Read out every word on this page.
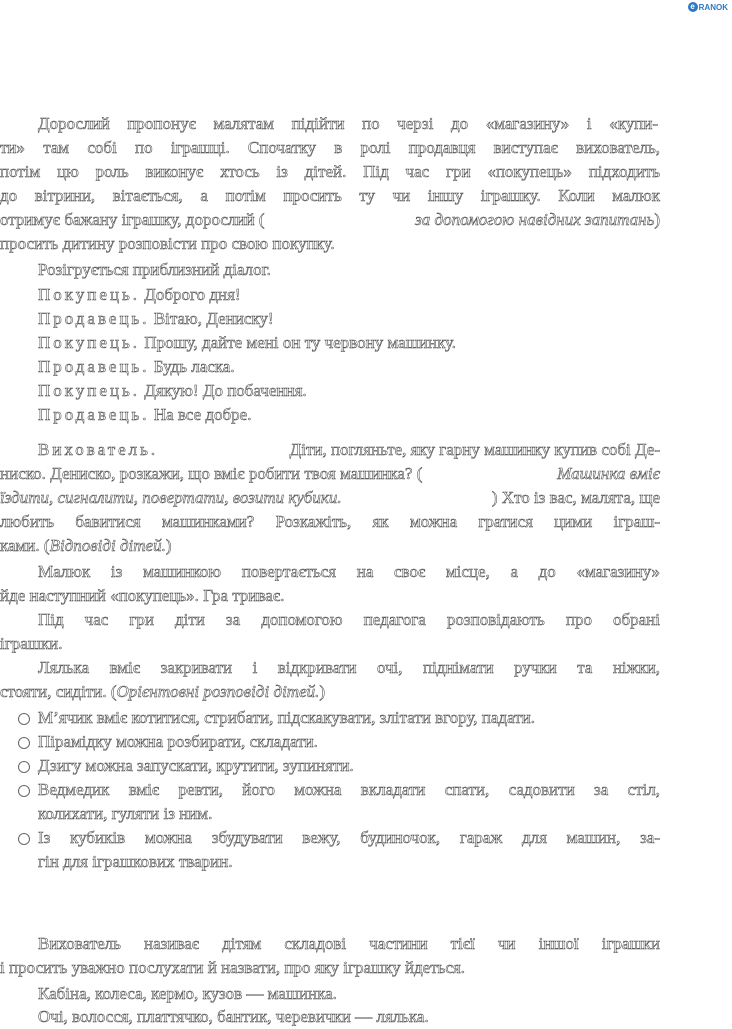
e RANOK
Дорослий пропонує малятам підійти по черзі до «магазину» і «купи-
ти» там собі по іграшці. Спочатку в ролі продавця виступає вихователь,
потім цю роль виконує хтось із дітей. Під час гри «покупець» підходить
до вітрини, вітається, а потім просить ту чи іншу іграшку. Коли малюк
отримує бажану іграшку, дорослий (	за допомогою навідних запитань)
просить дитину розповісти про свою покупку.
Розігрується приблизний діалог.
Покупець. Доброго дня!
Продавець. Вітаю, Дениску!
Покупець. Прошу, дайте мені он ту червону машинку.
Продавець. Будь ласка.
Покупець. Дякую! До побачення.
Продавець. На все добре.
Вихователь.	Діти, погляньте, яку гарну машинку купив собі Де-
ниско. Дениско, розкажи, що вміє робити твоя машинка? (	Машинка вміє
їздити, сигналити, повертати, возити кубики.	) Хто із вас, малята, ще
любить бавитися машинками? Розкажіть, як можна гратися цими іграш-
ками. (Відповіді дітей.)
Малюк із машинкою повертається на своє місце, а до «магазину»
йде наступний «покупець». Гра триває.
Під час гри діти за допомогою педагога розповідають про обрані
іграшки.
Лялька вміє закривати і відкривати очі, піднімати ручки та ніжки,
стояти, сидіти. (Орієнтовні розповіді дітей.)
М’ячик вміє котитися, стрибати, підскакувати, злітати вгору, падати.
Пірамідку можна розбирати, складати.
Дзигу можна запускати, крутити, зупиняти.
Ведмедик вміє ревти, його можна вкладати спати, садовити за стіл,
колихати, гуляти із ним.
Із кубиків можна збудувати вежу, будиночок, гараж для машин, за-
гін для іграшкових тварин.
Вихователь називає дітям складові частини тієї чи іншої іграшки
і просить уважно послухати й назвати, про яку іграшку йдеться.
Кабіна, колеса, кермо, кузов — машинка.
Очі, волосся, платтячко, бантик, черевички — лялька.
